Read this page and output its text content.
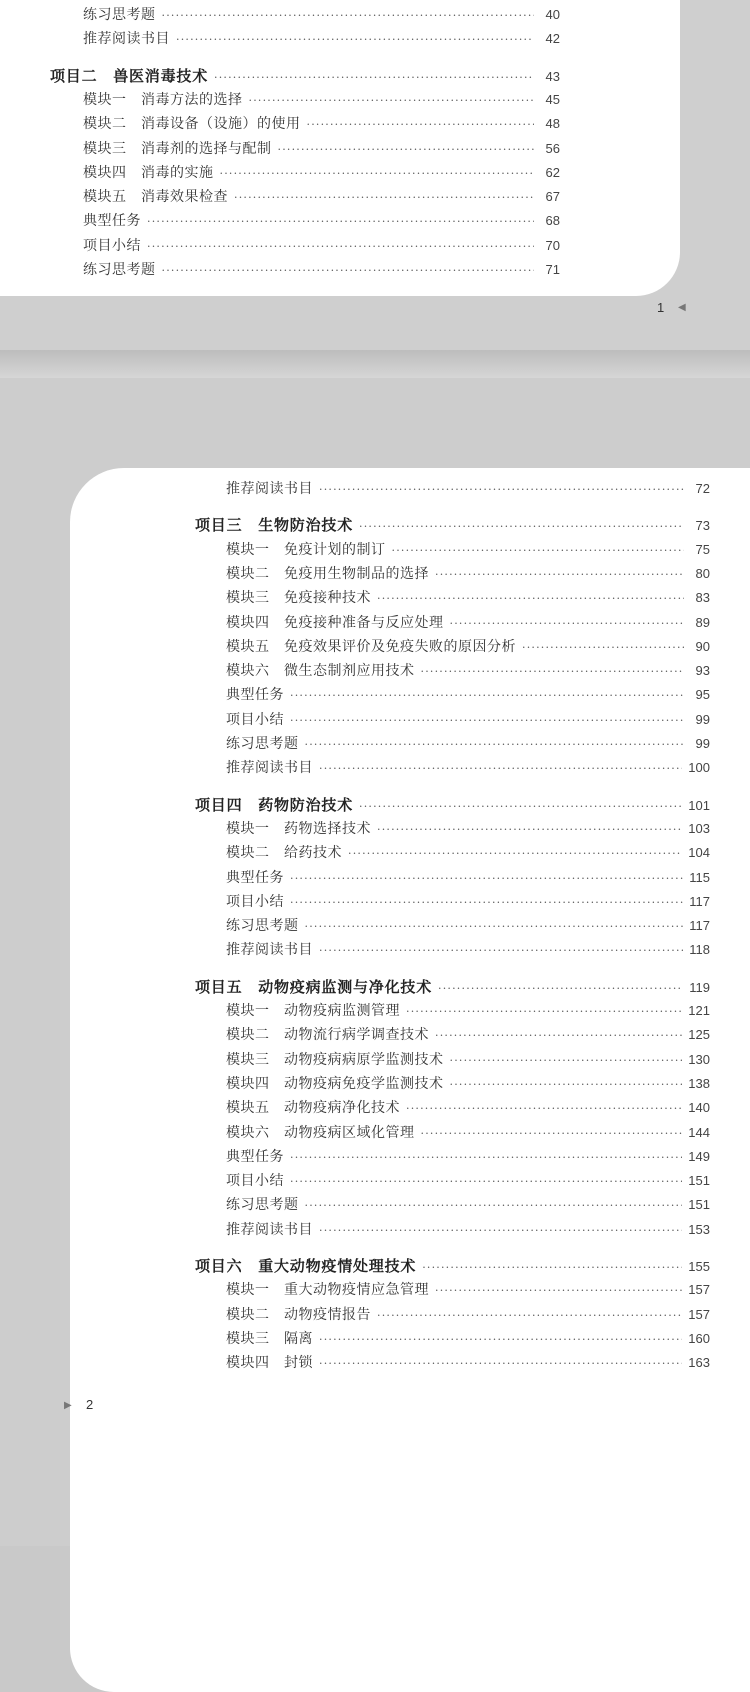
练习思考题 ·····	40
推荐阅读书目 ·····	42
项目二　兽医消毒技术 ·····	43
模块一　消毒方法的选择 ·····	45
模块二　消毒设备（设施）的使用 ·····	48
模块三　消毒剂的选择与配制 ·····	56
模块四　消毒的实施 ·····	62
模块五　消毒效果检查 ·····	67
典型任务 ·····	68
项目小结 ·····	70
练习思考题 ·····	71
1 ◀
推荐阅读书目 ·····	72
项目三　生物防治技术 ·····	73
模块一　免疫计划的制订 ·····	75
模块二　免疫用生物制品的选择 ·····	80
模块三　免疫接种技术 ·····	83
模块四　免疫接种准备与反应处理 ·····	89
模块五　免疫效果评价及免疫失败的原因分析 ·····	90
模块六　微生态制剂应用技术 ·····	93
典型任务 ·····	95
项目小结 ·····	99
练习思考题 ·····	99
推荐阅读书目 ·····	100
项目四　药物防治技术 ·····	101
模块一　药物选择技术 ·····	103
模块二　给药技术 ·····	104
典型任务 ·····	115
项目小结 ·····	117
练习思考题 ·····	117
推荐阅读书目 ·····	118
项目五　动物疫病监测与净化技术 ·····	119
模块一　动物疫病监测管理 ·····	121
模块二　动物流行病学调查技术 ·····	125
模块三　动物疫病病原学监测技术 ·····	130
模块四　动物疫病免疫学监测技术 ·····	138
模块五　动物疫病净化技术 ·····	140
模块六　动物疫病区域化管理 ·····	144
典型任务 ·····	149
项目小结 ·····	151
练习思考题 ·····	151
推荐阅读书目 ·····	153
项目六　重大动物疫情处理技术 ·····	155
模块一　重大动物疫情应急管理 ·····	157
模块二　动物疫情报告 ·····	157
模块三　隔离 ·····	160
模块四　封锁 ·····	163
▶ 2
